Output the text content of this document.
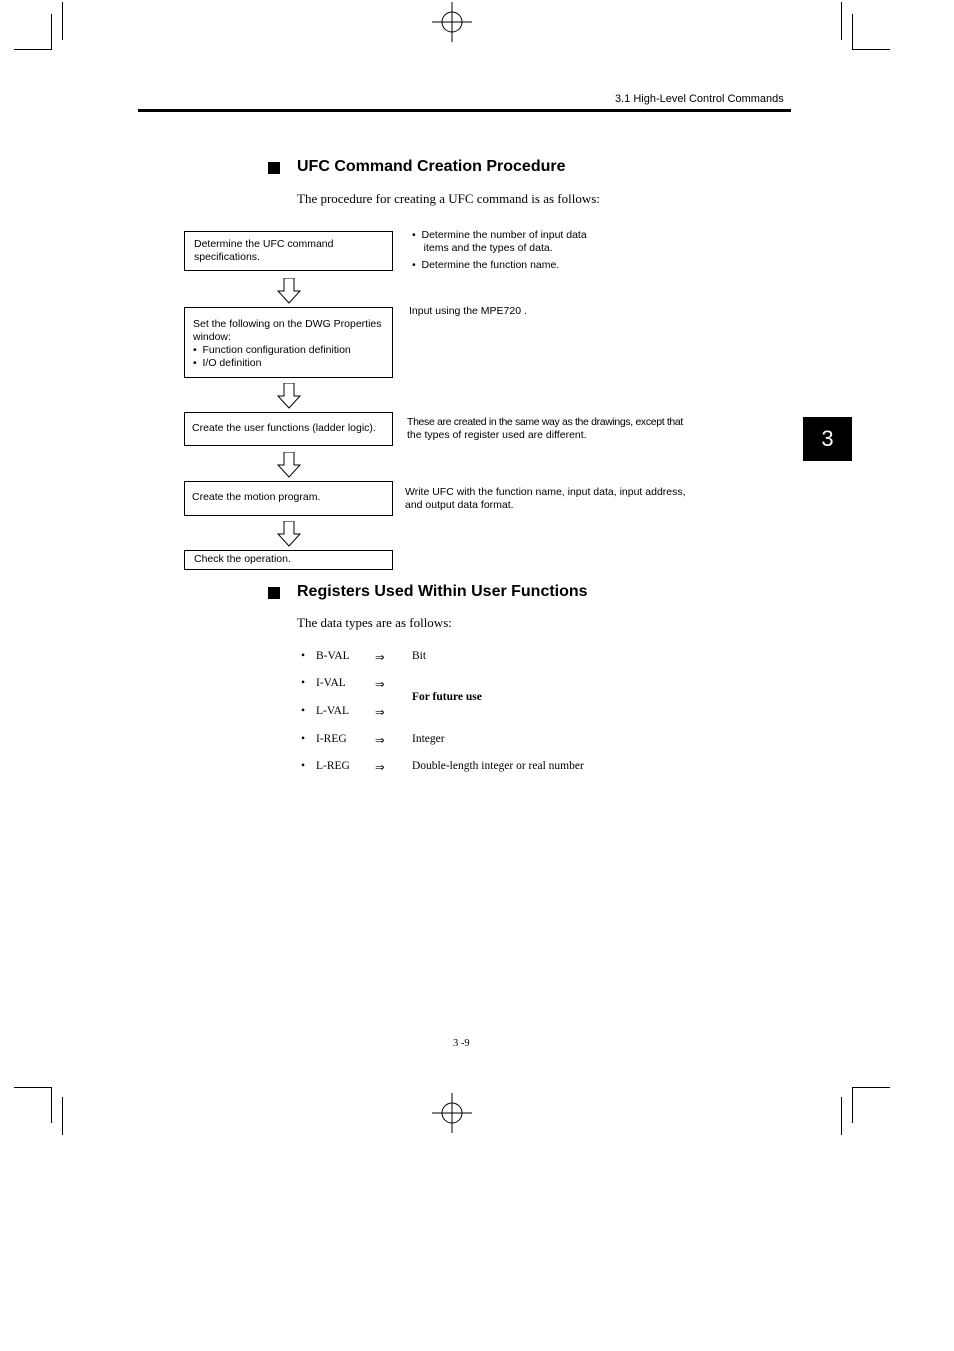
3.1 High-Level Control Commands
3
UFC Command Creation Procedure
The procedure for creating a UFC command is as follows:
Determine the UFC command
specifications.
Set the following on the DWG Properties
window:
•  Function configuration definition
•  I/O definition
Create the user functions (ladder logic).
Create the motion program.
Check the operation.
•  Determine the number of input data
items and the types of data.
•  Determine the function name.
Input using the MPE720 .
These are created in the same way as the drawings, except that
the types of register used are different.
Write UFC with the function name, input data, input address,
and output data format.
Registers Used Within User Functions
The data types are as follows:
• B-VAL ⇒ Bit
• I-VAL	⇒
• L-VAL ⇒
For future use
• I-REG ⇒ Integer
• L-REG ⇒ Double-length integer or real number
3 -9
